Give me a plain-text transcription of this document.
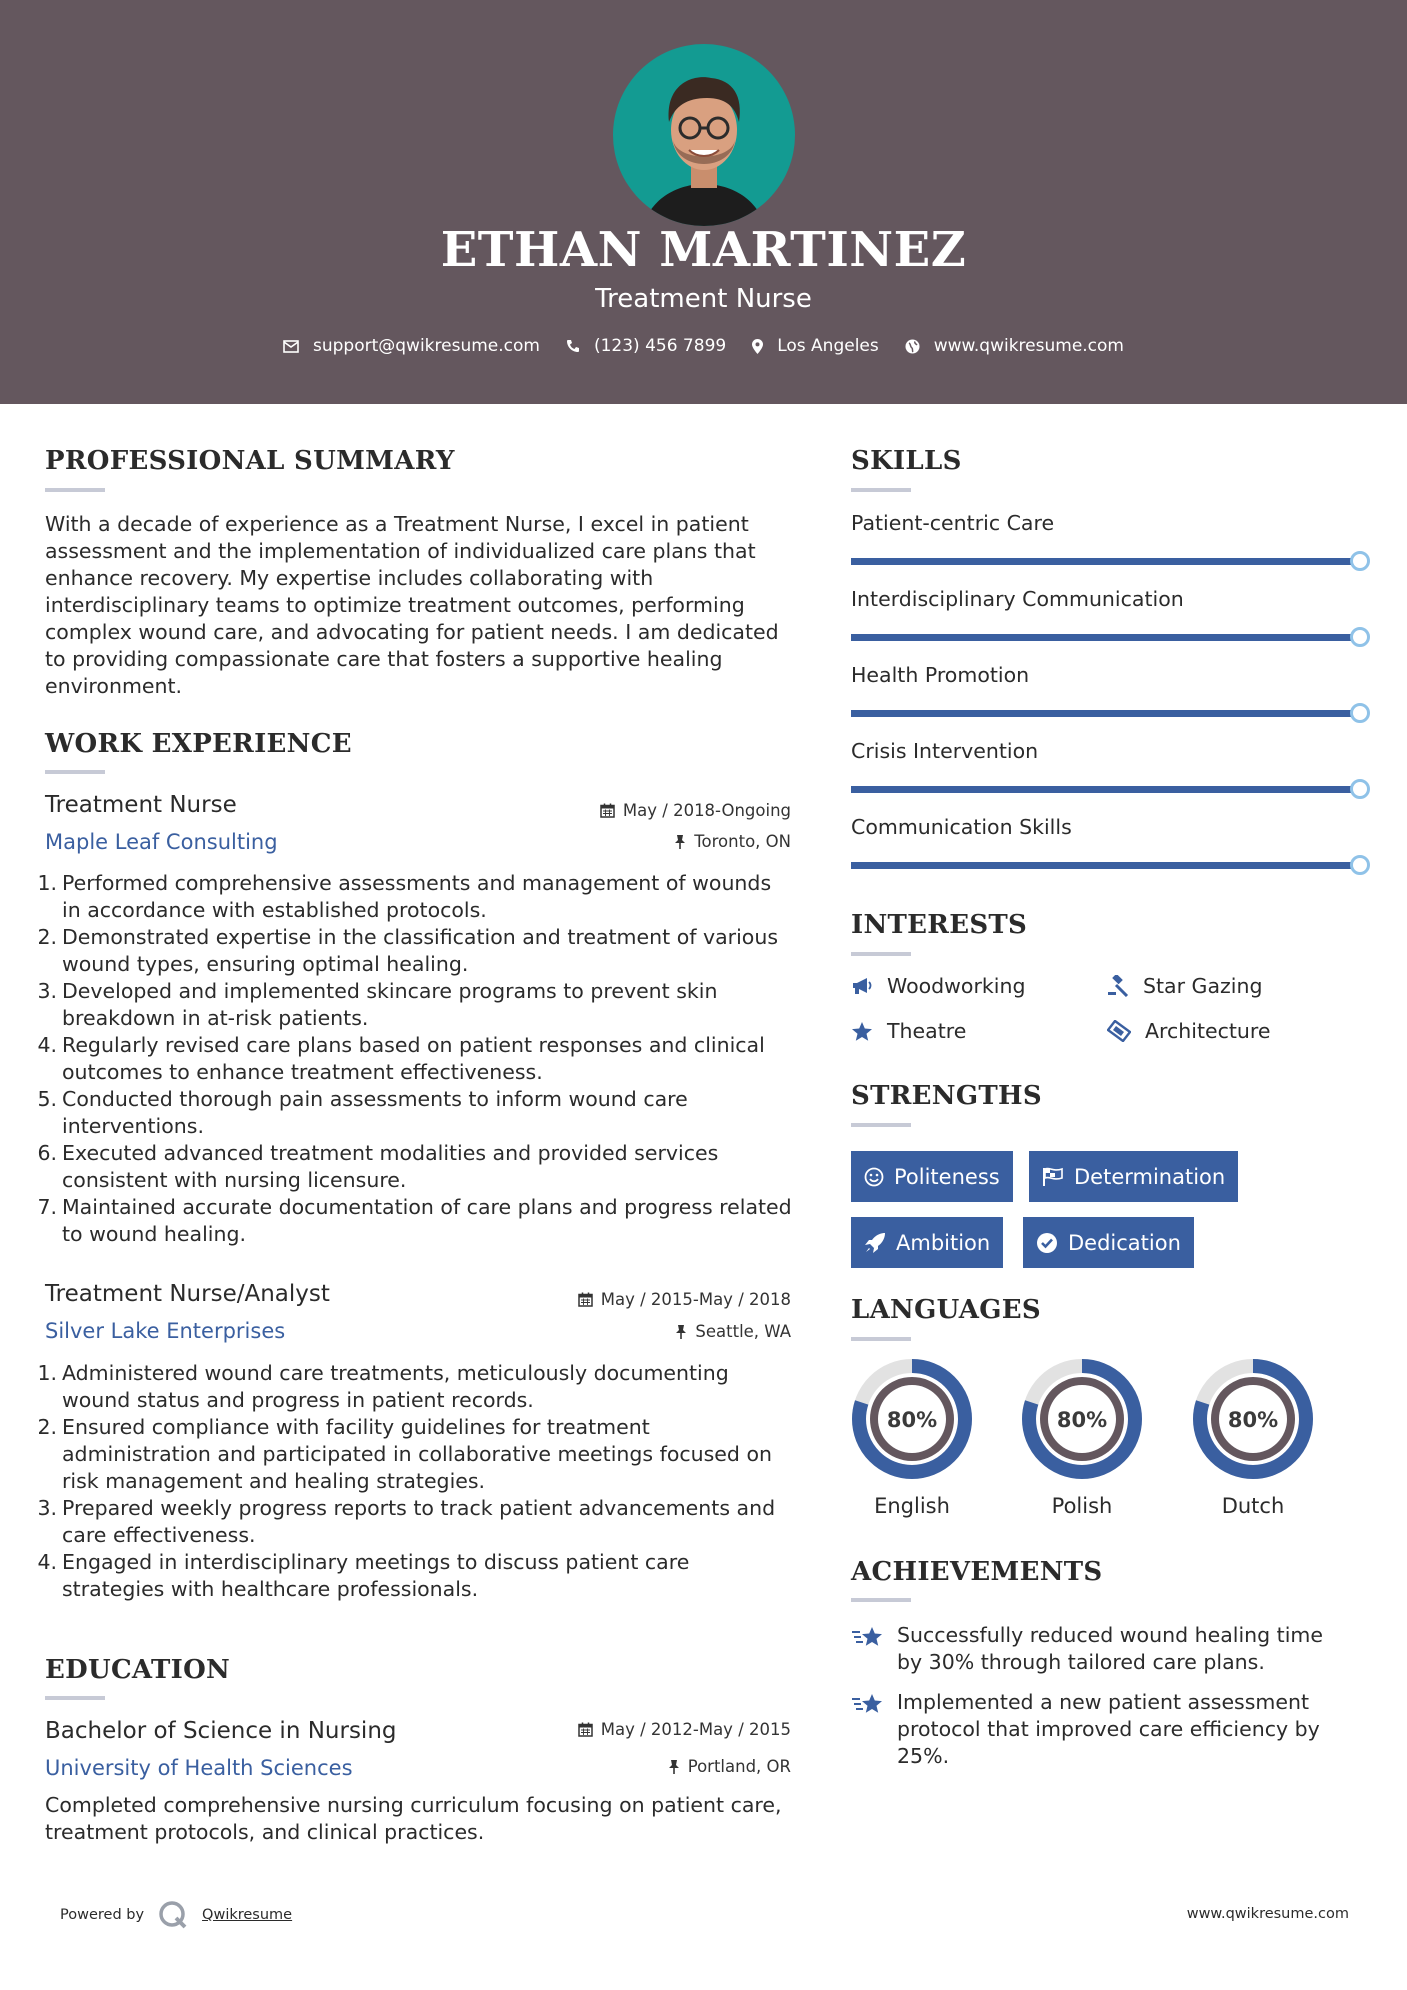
ETHAN MARTINEZ
Treatment Nurse
support@qwikresume.com	(123) 456 7899	Los Angeles	www.qwikresume.com
PROFESSIONAL SUMMARY
With a decade of experience as a Treatment Nurse, I excel in patient assessment and the implementation of individualized care plans that enhance recovery. My expertise includes collaborating with interdisciplinary teams to optimize treatment outcomes, performing complex wound care, and advocating for patient needs. I am dedicated to providing compassionate care that fosters a supportive healing environment.
WORK EXPERIENCE
Treatment Nurse
Maple Leaf Consulting
May / 2018-Ongoing
Toronto, ON
1. Performed comprehensive assessments and management of wounds in accordance with established protocols.
2. Demonstrated expertise in the classification and treatment of various wound types, ensuring optimal healing.
3. Developed and implemented skincare programs to prevent skin breakdown in at-risk patients.
4. Regularly revised care plans based on patient responses and clinical outcomes to enhance treatment effectiveness.
5. Conducted thorough pain assessments to inform wound care interventions.
6. Executed advanced treatment modalities and provided services consistent with nursing licensure.
7. Maintained accurate documentation of care plans and progress related to wound healing.
Treatment Nurse/Analyst
Silver Lake Enterprises
May / 2015-May / 2018
Seattle, WA
1. Administered wound care treatments, meticulously documenting wound status and progress in patient records.
2. Ensured compliance with facility guidelines for treatment administration and participated in collaborative meetings focused on risk management and healing strategies.
3. Prepared weekly progress reports to track patient advancements and care effectiveness.
4. Engaged in interdisciplinary meetings to discuss patient care strategies with healthcare professionals.
EDUCATION
Bachelor of Science in Nursing
University of Health Sciences
May / 2012-May / 2015
Portland, OR
Completed comprehensive nursing curriculum focusing on patient care, treatment protocols, and clinical practices.
SKILLS
Patient-centric Care
Interdisciplinary Communication
Health Promotion
Crisis Intervention
Communication Skills
INTERESTS
Woodworking	Star Gazing
Theatre	Architecture
STRENGTHS
Politeness	Determination
Ambition	Dedication
LANGUAGES
80%
English
80%
Polish
80%
Dutch
ACHIEVEMENTS
Successfully reduced wound healing time by 30% through tailored care plans.
Implemented a new patient assessment protocol that improved care efficiency by 25%.
Powered by	Qwikresume	www.qwikresume.com
